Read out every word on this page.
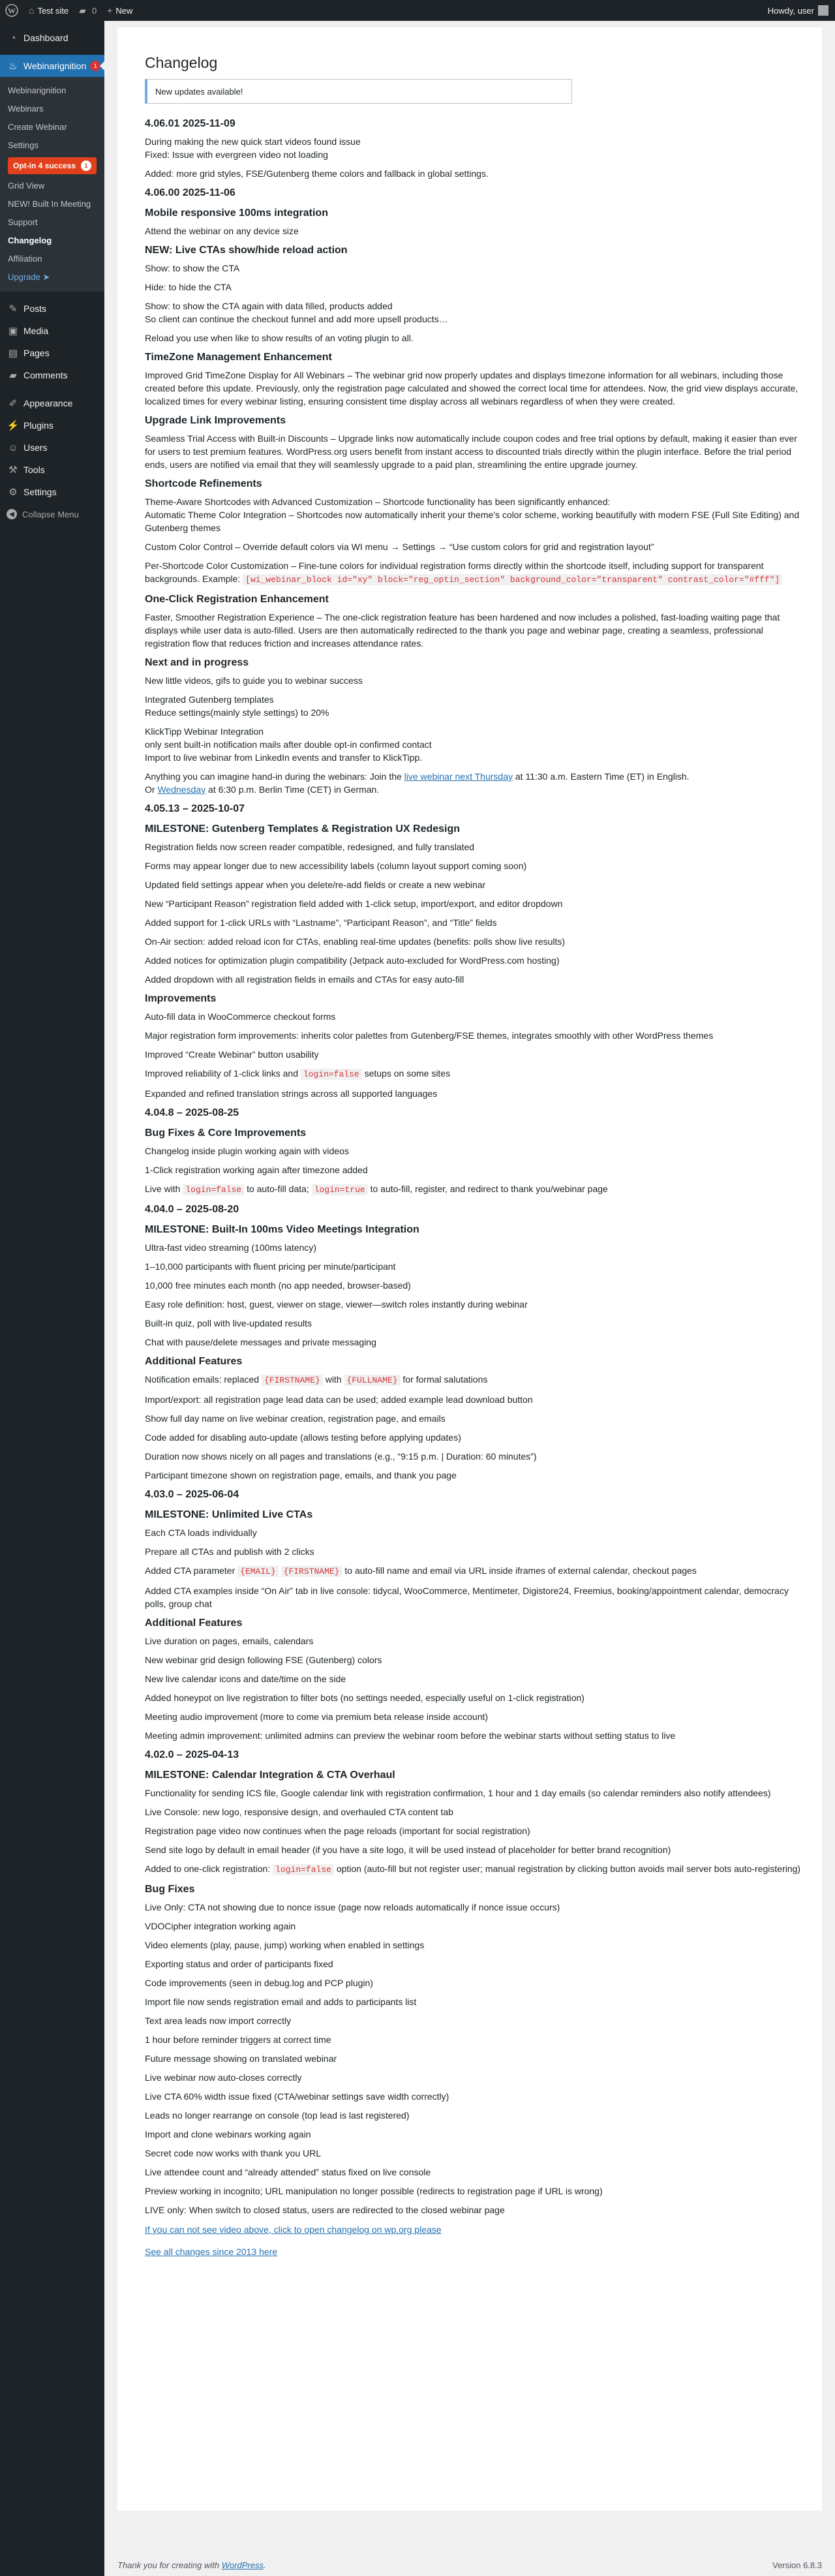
W ⌂ Test site ▰ 0 + New	Howdy, user
◔ Dashboard
♨ Webinarignition	1
Webinarignition
Webinars
Create Webinar
Settings
Opt-in 4 success	1
Grid View
NEW! Built In Meeting
Support
Changelog
Affiliation
Upgrade ➤
✎ Posts
▣ Media
▤ Pages
▰ Comments
✐ Appearance
⚡ Plugins
☺ Users
⚒ Tools
⚙ Settings
◀ Collapse Menu
Changelog
New updates available!
4.06.01 2025-11-09
During making the new quick start videos found issue
Fixed: Issue with evergreen video not loading
Added: more grid styles, FSE/Gutenberg theme colors and fallback in global settings.
4.06.00 2025-11-06
Mobile responsive 100ms integration
Attend the webinar on any device size
NEW: Live CTAs show/hide reload action
Show: to show the CTA
Hide: to hide the CTA
Show: to show the CTA again with data filled, products added
So client can continue the checkout funnel and add more upsell products…
Reload you use when like to show results of an voting plugin to all.
TimeZone Management Enhancement
Improved Grid TimeZone Display for All Webinars – The webinar grid now properly updates and displays timezone information for all webinars, including those created before this update. Previously, only the registration page calculated and showed the correct local time for attendees. Now, the grid view displays accurate, localized times for every webinar listing, ensuring consistent time display across all webinars regardless of when they were created.
Upgrade Link Improvements
Seamless Trial Access with Built-in Discounts – Upgrade links now automatically include coupon codes and free trial options by default, making it easier than ever for users to test premium features. WordPress.org users benefit from instant access to discounted trials directly within the plugin interface. Before the trial period ends, users are notified via email that they will seamlessly upgrade to a paid plan, streamlining the entire upgrade journey.
Shortcode Refinements
Theme-Aware Shortcodes with Advanced Customization – Shortcode functionality has been significantly enhanced:
Automatic Theme Color Integration – Shortcodes now automatically inherit your theme's color scheme, working beautifully with modern FSE (Full Site Editing) and Gutenberg themes
Custom Color Control – Override default colors via WI menu → Settings → “Use custom colors for grid and registration layout”
Per-Shortcode Color Customization – Fine-tune colors for individual registration forms directly within the shortcode itself, including support for transparent backgrounds. Example: [wi_webinar_block id="xy" block="reg_optin_section" background_color="transparent" contrast_color="#fff"]
One-Click Registration Enhancement
Faster, Smoother Registration Experience – The one-click registration feature has been hardened and now includes a polished, fast-loading waiting page that displays while user data is auto-filled. Users are then automatically redirected to the thank you page and webinar page, creating a seamless, professional registration flow that reduces friction and increases attendance rates.
Next and in progress
New little videos, gifs to guide you to webinar success
Integrated Gutenberg templates
Reduce settings(mainly style settings) to 20%
KlickTipp Webinar Integration
only sent built-in notification mails after double opt-in confirmed contact
Import to live webinar from LinkedIn events and transfer to KlickTipp.
Anything you can imagine hand-in during the webinars: Join the live webinar next Thursday at 11:30 a.m. Eastern Time (ET) in English.
Or Wednesday at 6:30 p.m. Berlin Time (CET) in German.
4.05.13 – 2025-10-07
MILESTONE: Gutenberg Templates & Registration UX Redesign
Registration fields now screen reader compatible, redesigned, and fully translated
Forms may appear longer due to new accessibility labels (column layout support coming soon)
Updated field settings appear when you delete/re-add fields or create a new webinar
New “Participant Reason” registration field added with 1-click setup, import/export, and editor dropdown
Added support for 1-click URLs with “Lastname”, “Participant Reason”, and “Title” fields
On-Air section: added reload icon for CTAs, enabling real-time updates (benefits: polls show live results)
Added notices for optimization plugin compatibility (Jetpack auto-excluded for WordPress.com hosting)
Added dropdown with all registration fields in emails and CTAs for easy auto-fill
Improvements
Auto-fill data in WooCommerce checkout forms
Major registration form improvements: inherits color palettes from Gutenberg/FSE themes, integrates smoothly with other WordPress themes
Improved “Create Webinar” button usability
Improved reliability of 1-click links and login=false setups on some sites
Expanded and refined translation strings across all supported languages
4.04.8 – 2025-08-25
Bug Fixes & Core Improvements
Changelog inside plugin working again with videos
1-Click registration working again after timezone added
Live with login=false to auto-fill data; login=true to auto-fill, register, and redirect to thank you/webinar page
4.04.0 – 2025-08-20
MILESTONE: Built-In 100ms Video Meetings Integration
Ultra-fast video streaming (100ms latency)
1–10,000 participants with fluent pricing per minute/participant
10,000 free minutes each month (no app needed, browser-based)
Easy role definition: host, guest, viewer on stage, viewer—switch roles instantly during webinar
Built-in quiz, poll with live-updated results
Chat with pause/delete messages and private messaging
Additional Features
Notification emails: replaced {FIRSTNAME} with {FULLNAME} for formal salutations
Import/export: all registration page lead data can be used; added example lead download button
Show full day name on live webinar creation, registration page, and emails
Code added for disabling auto-update (allows testing before applying updates)
Duration now shows nicely on all pages and translations (e.g., “9:15 p.m. | Duration: 60 minutes”)
Participant timezone shown on registration page, emails, and thank you page
4.03.0 – 2025-06-04
MILESTONE: Unlimited Live CTAs
Each CTA loads individually
Prepare all CTAs and publish with 2 clicks
Added CTA parameter {EMAIL} {FIRSTNAME} to auto-fill name and email via URL inside iframes of external calendar, checkout pages
Added CTA examples inside “On Air” tab in live console: tidycal, WooCommerce, Mentimeter, Digistore24, Freemius, booking/appointment calendar, democracy polls, group chat
Additional Features
Live duration on pages, emails, calendars
New webinar grid design following FSE (Gutenberg) colors
New live calendar icons and date/time on the side
Added honeypot on live registration to filter bots (no settings needed, especially useful on 1-click registration)
Meeting audio improvement (more to come via premium beta release inside account)
Meeting admin improvement: unlimited admins can preview the webinar room before the webinar starts without setting status to live
4.02.0 – 2025-04-13
MILESTONE: Calendar Integration & CTA Overhaul
Functionality for sending ICS file, Google calendar link with registration confirmation, 1 hour and 1 day emails (so calendar reminders also notify attendees)
Live Console: new logo, responsive design, and overhauled CTA content tab
Registration page video now continues when the page reloads (important for social registration)
Send site logo by default in email header (if you have a site logo, it will be used instead of placeholder for better brand recognition)
Added to one-click registration: login=false option (auto-fill but not register user; manual registration by clicking button avoids mail server bots auto-registering)
Bug Fixes
Live Only: CTA not showing due to nonce issue (page now reloads automatically if nonce issue occurs)
VDOCipher integration working again
Video elements (play, pause, jump) working when enabled in settings
Exporting status and order of participants fixed
Code improvements (seen in debug.log and PCP plugin)
Import file now sends registration email and adds to participants list
Text area leads now import correctly
1 hour before reminder triggers at correct time
Future message showing on translated webinar
Live webinar now auto-closes correctly
Live CTA 60% width issue fixed (CTA/webinar settings save width correctly)
Leads no longer rearrange on console (top lead is last registered)
Import and clone webinars working again
Secret code now works with thank you URL
Live attendee count and “already attended” status fixed on live console
Preview working in incognito; URL manipulation no longer possible (redirects to registration page if URL is wrong)
LIVE only: When switch to closed status, users are redirected to the closed webinar page

If you can not see video above, click to open changelog on wp.org please

See all changes since 2013 here

Thank you for creating with WordPress.	Version 6.8.3
